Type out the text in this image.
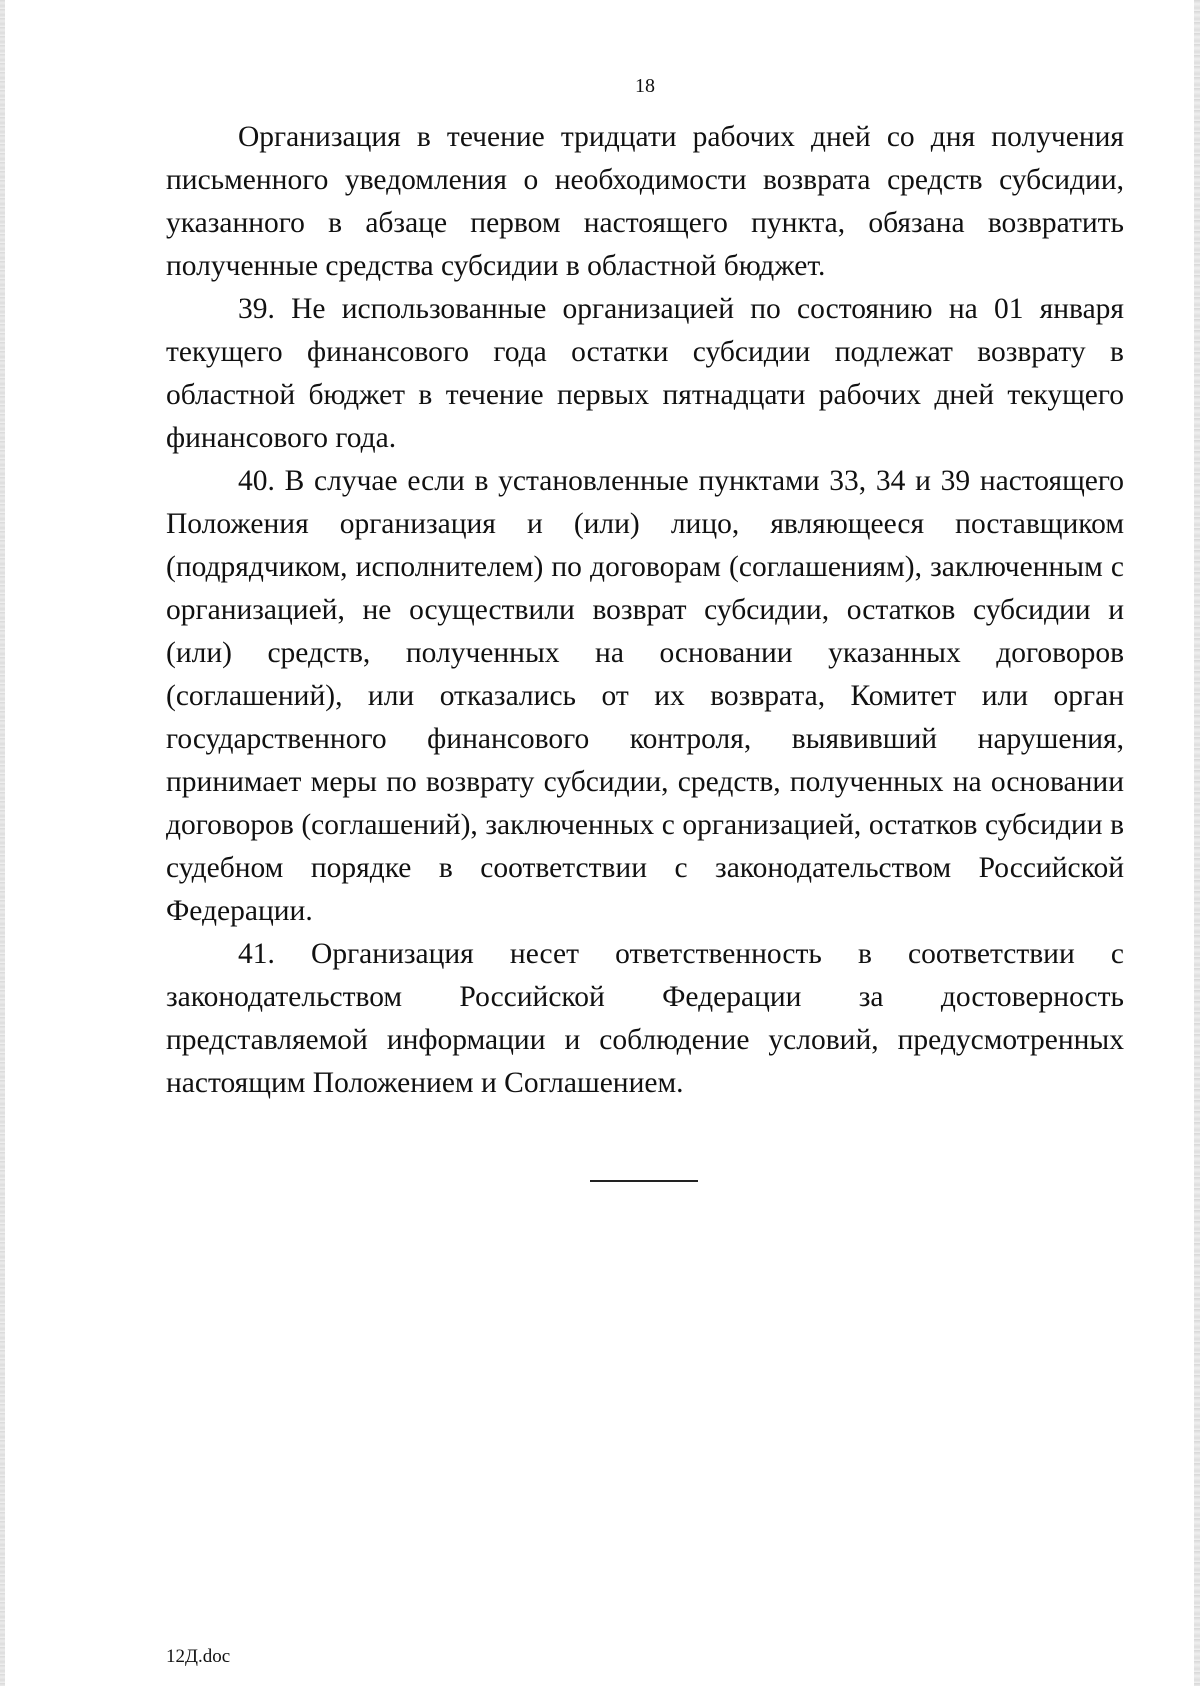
18

Организация в течение тридцати рабочих дней со дня получения письменного уведомления о необходимости возврата средств субсидии, указанного в абзаце первом настоящего пункта, обязана возвратить полученные средства субсидии в областной бюджет.

39. Не использованные организацией по состоянию на 01 января текущего финансового года остатки субсидии подлежат возврату в областной бюджет в течение первых пятнадцати рабочих дней текущего финансового года.

40. В случае если в установленные пунктами 33, 34 и 39 настоящего Положения организация и (или) лицо, являющееся поставщиком (подрядчиком, исполнителем) по договорам (соглашениям), заключенным с организацией, не осуществили возврат субсидии, остатков субсидии и (или) средств, полученных на основании указанных договоров (соглашений), или отказались от их возврата, Комитет или орган государственного финансового контроля, выявивший нарушения, принимает меры по возврату субсидии, средств, полученных на основании договоров (соглашений), заключенных с организацией, остатков субсидии в судебном порядке в соответствии с законодательством Российской Федерации.

41. Организация несет ответственность в соответствии с законодательством Российской Федерации за достоверность представляемой информации и соблюдение условий, предусмотренных настоящим Положением и Соглашением.

12Д.doc
